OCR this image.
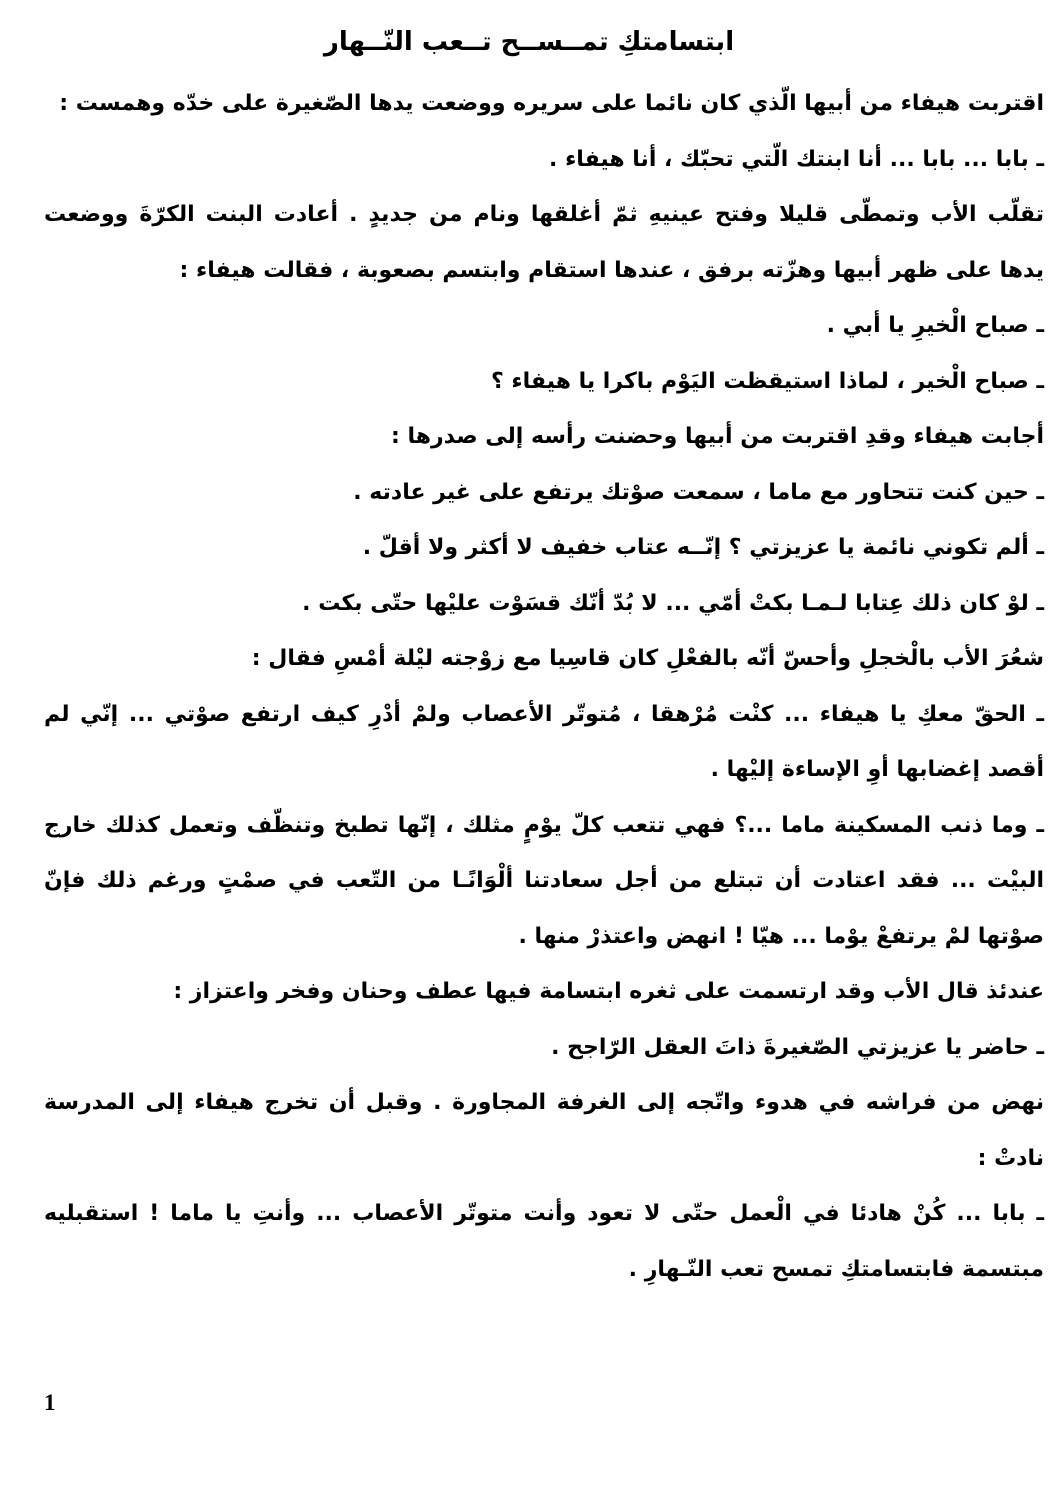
ابتسامتكِ تمــســح تــعب النّــهار

اقتربت هيفاء من أبيها الّذي كان نائما على سريره ووضعت يدها الصّغيرة على خدّه وهمست :

ـ بابا ... بابا ... أنا ابنتك الّتي تحبّك ، أنا هيفاء .

تقلّب الأب وتمطّى قليلا وفتح عينيهِ ثمّ أغلقها ونام من جديدٍ . أعادت البنت الكرّةَ ووضعت يدها على ظهر أبيها وهزّته برفق ، عندها استقام وابتسم بصعوبة ، فقالت هيفاء :

ـ صباح الْخيرِ يا أبي .

ـ صباح الْخير ، لماذا استيقظت اليَوْم باكرا يا هيفاء ؟

أجابت هيفاء وقدِ اقتربت من أبيها وحضنت رأسه إلى صدرها :

ـ حين كنت تتحاور مع ماما ، سمعت صوْتك يرتفع على غير عادته .

ـ ألم تكوني نائمة يا عزيزتي ؟ إنّــه عتاب خفيف لا أكثر ولا أقلّ .

ـ لوْ كان ذلك عِتابا لـمـا بكتْ أمّي ... لا بُدّ أنّك قسَوْت عليْها حتّى بكت .

شعُرَ الأب بالْخجلِ وأحسّ أنّه بالفعْلِ كان قاسِيا مع زوْجته ليْلة أمْسِ فقال :

ـ الحقّ معكِ يا هيفاء ... كنْت مُرْهقا ، مُتوتّر الأعصاب ولمْ أدْرِ كيف ارتفع صوْتي ... إنّي لم أقصد إغضابها أوِ الإساءة إليْها .

ـ وما ذنب المسكينة ماما ...؟ فهي تتعب كلّ يوْمٍ مثلك ، إنّها تطبخ وتنظّف وتعمل كذلك خارج البيْت ... فقد اعتادت أن تبتلع من أجل سعادتنا ألْوَانًـا من التّعب في صمْتٍ ورغم ذلك فإنّ صوْتها لمْ يرتفعْ يوْما ... هيّا ! انهض واعتذرْ منها .

عندئذ قال الأب وقد ارتسمت على ثغره ابتسامة فيها عطف وحنان وفخر واعتزاز :

ـ حاضر يا عزيزتي الصّغيرةَ ذاتَ العقل الرّاجح .

نهض من فراشه في هدوء واتّجه إلى الغرفة المجاورة . وقبل أن تخرج هيفاء إلى المدرسة نادتْ :

ـ بابا ... كُنْ هادئا في الْعمل حتّى لا تعود وأنت متوتّر الأعصاب ... وأنتِ يا ماما ! استقبليه مبتسمة فابتسامتكِ تمسح تعب النّـهارِ .

1
